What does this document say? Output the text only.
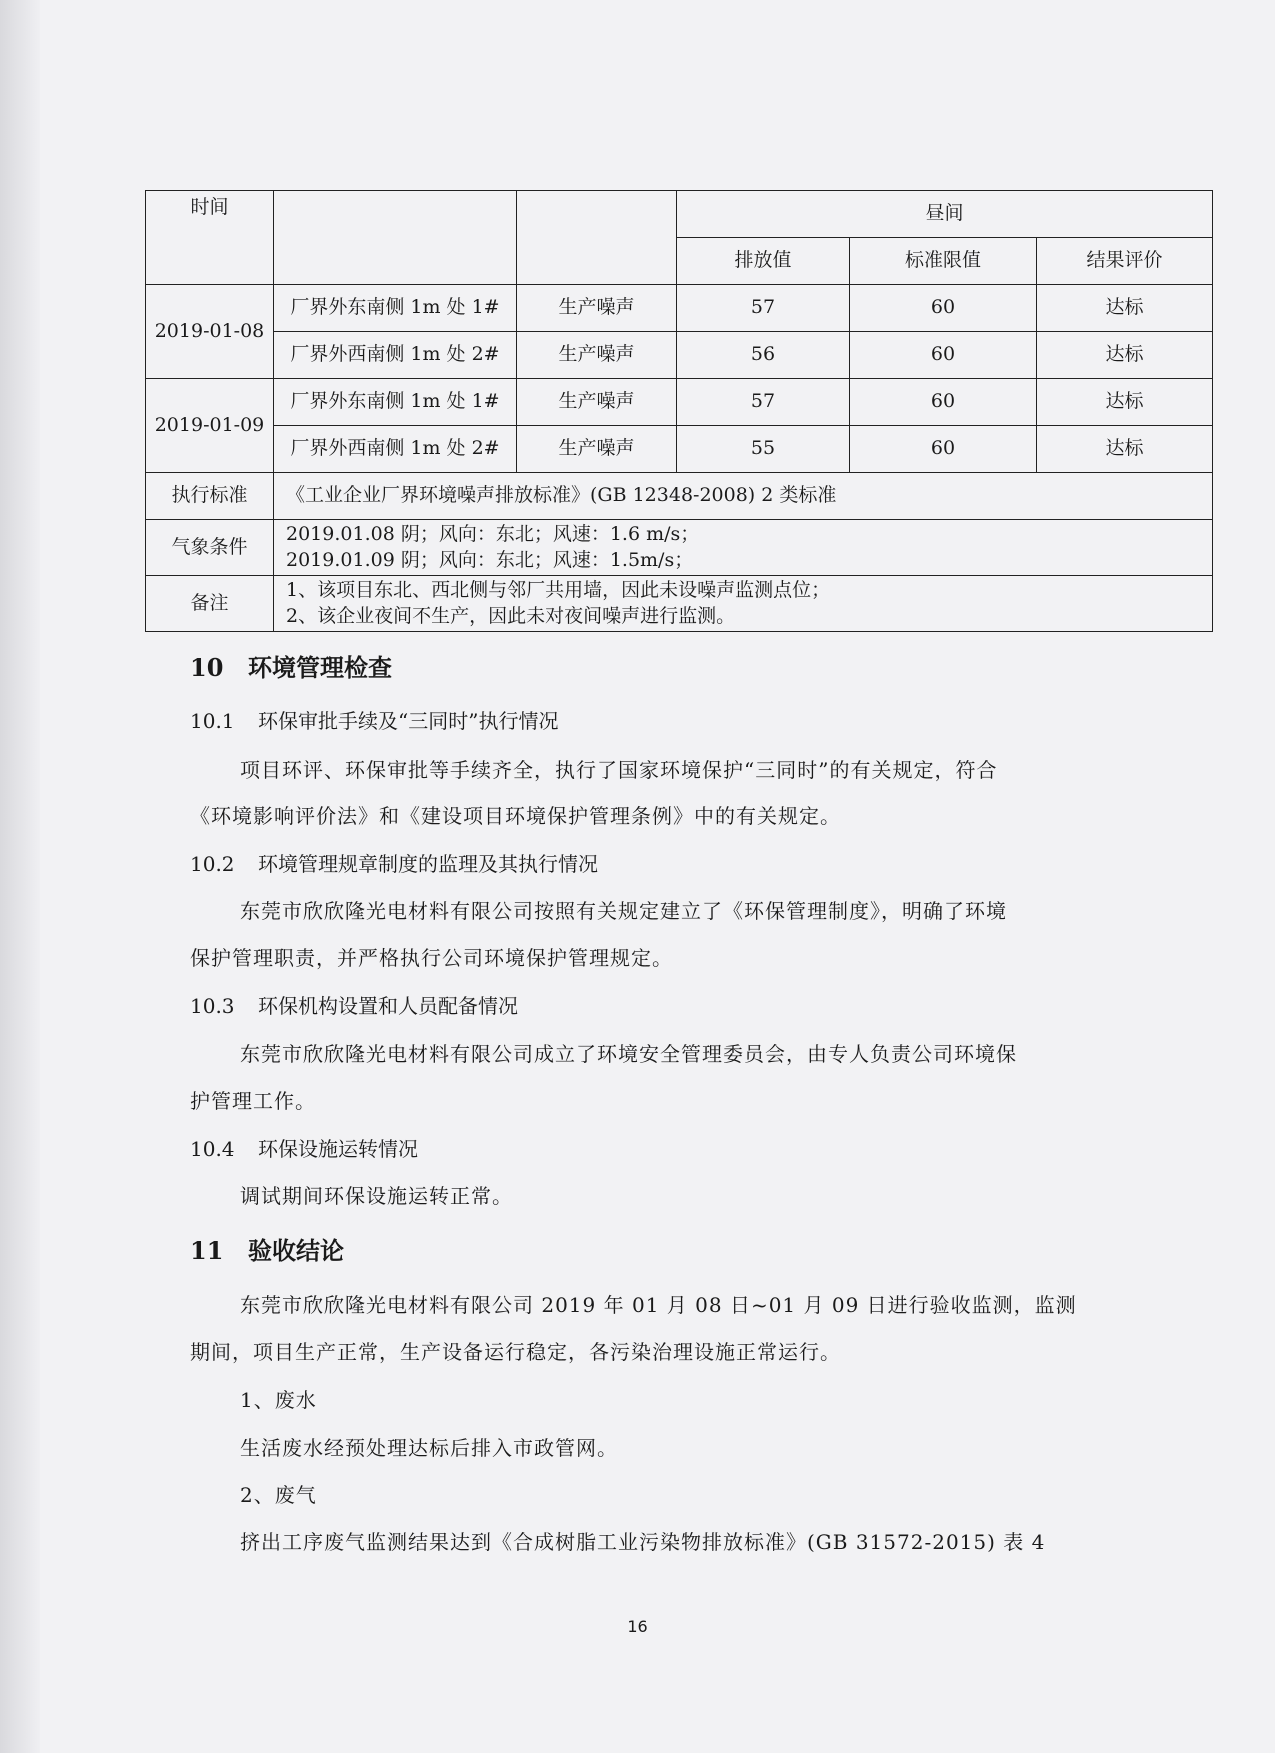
时间			昼间		
			排放值	标准限值	结果评价
2019-01-08	厂界外东南侧 1m 处 1#	生产噪声	57	60	达标
	厂界外西南侧 1m 处 2#	生产噪声	56	60	达标
2019-01-09	厂界外东南侧 1m 处 1#	生产噪声	57	60	达标
	厂界外西南侧 1m 处 2#	生产噪声	55	60	达标
执行标准	《工业企业厂界环境噪声排放标准》(GB 12348-2008) 2 类标准				
气象条件	2019.01.08 阴；风向：东北；风速：1.6 m/s；
2019.01.09 阴；风向：东北；风速：1.5m/s；				

备注	1、该项目东北、西北侧与邻厂共用墙，因此未设噪声监测点位；
2、该企业夜间不生产，因此未对夜间噪声进行监测。				
10 环境管理检查
10.1 环保审批手续及“三同时”执行情况
项目环评、环保审批等手续齐全，执行了国家环境保护“三同时”的有关规定，符合
《环境影响评价法》和《建设项目环境保护管理条例》中的有关规定。
10.2 环境管理规章制度的监理及其执行情况
东莞市欣欣隆光电材料有限公司按照有关规定建立了《环保管理制度》，明确了环境
保护管理职责，并严格执行公司环境保护管理规定。
10.3 环保机构设置和人员配备情况
东莞市欣欣隆光电材料有限公司成立了环境安全管理委员会，由专人负责公司环境保
护管理工作。
10.4 环保设施运转情况
调试期间环保设施运转正常。
11 验收结论
东莞市欣欣隆光电材料有限公司 2019 年 01 月 08 日~01 月 09 日进行验收监测，监测
期间，项目生产正常，生产设备运行稳定，各污染治理设施正常运行。
1、废水
生活废水经预处理达标后排入市政管网。
2、废气
挤出工序废气监测结果达到《合成树脂工业污染物排放标准》(GB 31572-2015) 表 4
16
